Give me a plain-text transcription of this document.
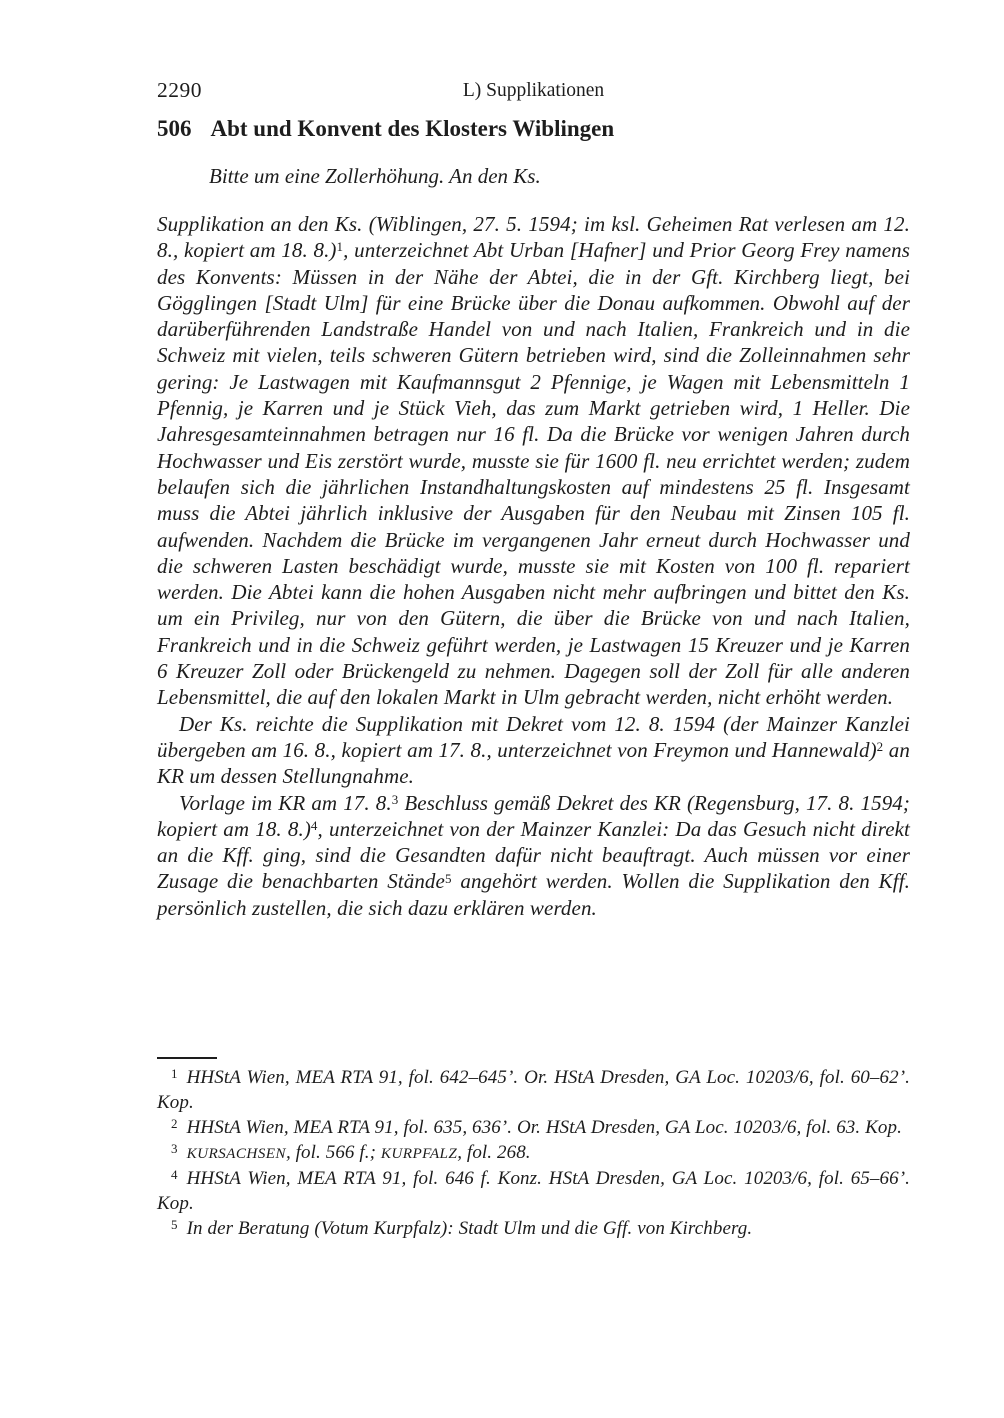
2290	L) Supplikationen
506 Abt und Konvent des Klosters Wiblingen

Bitte um eine Zollerhöhung. An den Ks.

Supplikation an den Ks. (Wiblingen, 27. 5. 1594; im ksl. Geheimen Rat verlesen am 12. 8., kopiert am 18. 8.)$^1$, unterzeichnet Abt Urban [Hafner] und Prior Georg Frey namens des Konvents: Müssen in der Nähe der Abtei, die in der Gft. Kirchberg liegt, bei Gögglingen [Stadt Ulm] für eine Brücke über die Donau aufkommen. Obwohl auf der darüberführenden Landstraße Handel von und nach Italien, Frankreich und in die Schweiz mit vielen, teils schweren Gütern betrieben wird, sind die Zolleinnahmen sehr gering: Je Lastwagen mit Kaufmannsgut 2 Pfennige, je Wagen mit Lebensmitteln 1 Pfennig, je Karren und je Stück Vieh, das zum Markt getrieben wird, 1 Heller. Die Jahresgesamteinnahmen betragen nur 16 fl. Da die Brücke vor wenigen Jahren durch Hochwasser und Eis zerstört wurde, musste sie für 1600 fl. neu errichtet werden; zudem belaufen sich die jährlichen Instandhaltungskosten auf mindestens 25 fl. Insgesamt muss die Abtei jährlich inklusive der Ausgaben für den Neubau mit Zinsen 105 fl. aufwenden. Nachdem die Brücke im vergangenen Jahr erneut durch Hochwasser und die schweren Lasten beschädigt wurde, musste sie mit Kosten von 100 fl. repariert werden. Die Abtei kann die hohen Ausgaben nicht mehr aufbringen und bittet den Ks. um ein Privileg, nur von den Gütern, die über die Brücke von und nach Italien, Frankreich und in die Schweiz geführt werden, je Lastwagen 15 Kreuzer und je Karren 6 Kreuzer Zoll oder Brückengeld zu nehmen. Dagegen soll der Zoll für alle anderen Lebensmittel, die auf den lokalen Markt in Ulm gebracht werden, nicht erhöht werden.

Der Ks. reichte die Supplikation mit Dekret vom 12. 8. 1594 (der Mainzer Kanzlei übergeben am 16. 8., kopiert am 17. 8., unterzeichnet von Freymon und Hannewald)$^2$ an KR um dessen Stellungnahme.

Vorlage im KR am 17. 8.$^3$ Beschluss gemäß Dekret des KR (Regensburg, 17. 8. 1594; kopiert am 18. 8.)$^4$, unterzeichnet von der Mainzer Kanzlei: Da das Gesuch nicht direkt an die Kff. ging, sind die Gesandten dafür nicht beauftragt. Auch müssen vor einer Zusage die benachbarten Stände$^5$ angehört werden. Wollen die Supplikation den Kff. persönlich zustellen, die sich dazu erklären werden.

$^1$ HHStA Wien, MEA RTA 91, fol. 642–645’. Or. HStA Dresden, GA Loc. 10203/6, fol. 60–62’. Kop.

$^2$ HHStA Wien, MEA RTA 91, fol. 635, 636’. Or. HStA Dresden, GA Loc. 10203/6, fol. 63. Kop.

$^3$ KURSACHSEN, fol. 566 f.; KURPFALZ, fol. 268.

$^4$ HHStA Wien, MEA RTA 91, fol. 646 f. Konz. HStA Dresden, GA Loc. 10203/6, fol. 65–66’. Kop.

$^5$ In der Beratung (Votum Kurpfalz): Stadt Ulm und die Gff. von Kirchberg.
